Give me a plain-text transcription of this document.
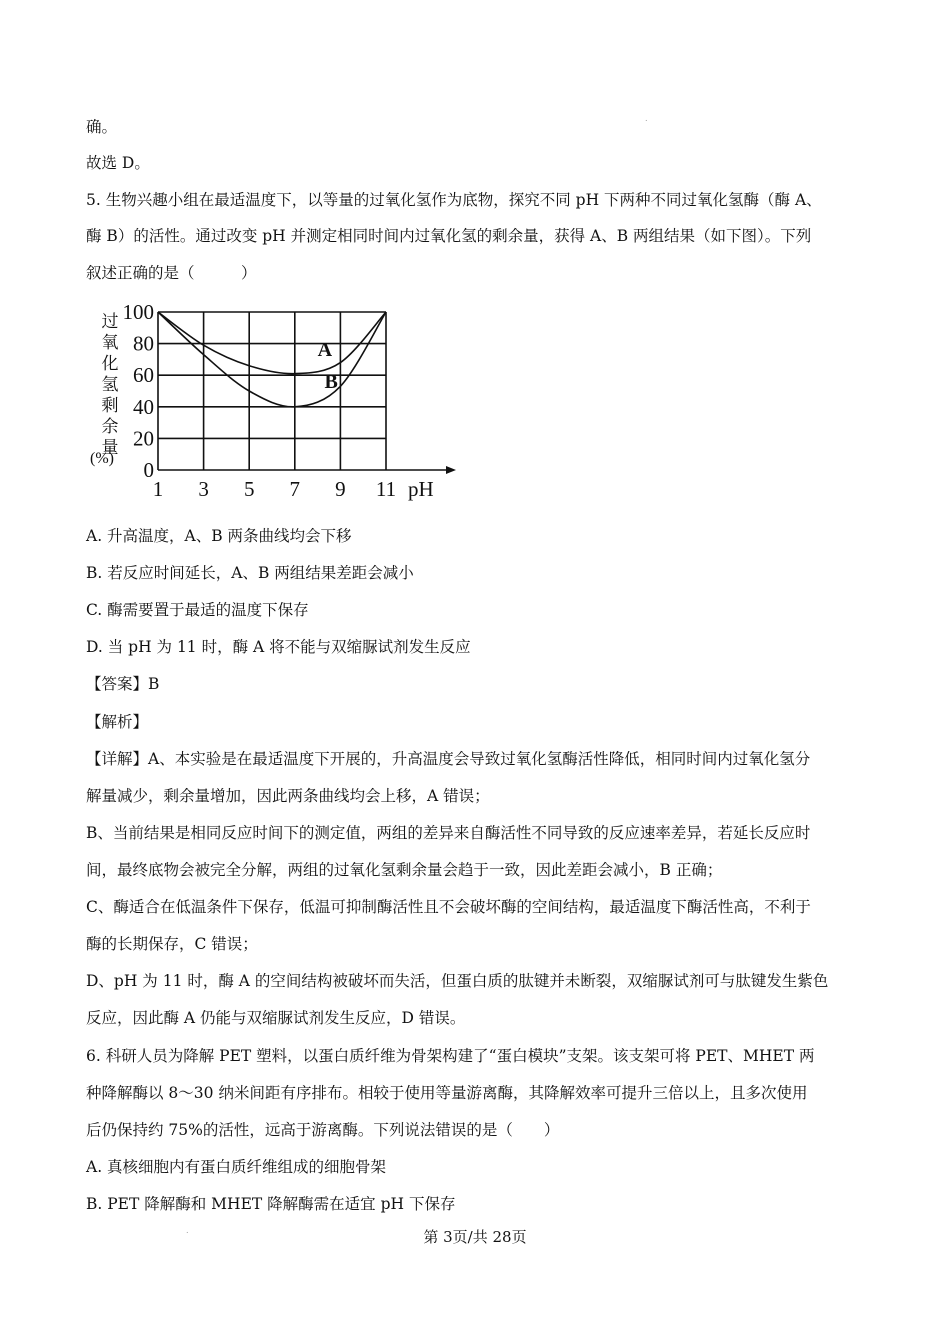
确。
故选 D。
5. 生物兴趣小组在最适温度下，以等量的过氧化氢作为底物，探究不同 pH 下两种不同过氧化氢酶（酶 A、
酶 B）的活性。通过改变 pH 并测定相同时间内过氧化氢的剩余量，获得 A、B 两组结果（如下图）。下列
叙述正确的是（　　　）
A. 升高温度，A、B 两条曲线均会下移
B. 若反应时间延长，A、B 两组结果差距会减小
C. 酶需要置于最适的温度下保存
D. 当 pH 为 11 时，酶 A 将不能与双缩脲试剂发生反应
【答案】B
【解析】
【详解】A、本实验是在最适温度下开展的，升高温度会导致过氧化氢酶活性降低，相同时间内过氧化氢分
解量减少，剩余量增加，因此两条曲线均会上移，A 错误；
B、当前结果是相同反应时间下的测定值，两组的差异来自酶活性不同导致的反应速率差异，若延长反应时
间，最终底物会被完全分解，两组的过氧化氢剩余量会趋于一致，因此差距会减小，B 正确；
C、酶适合在低温条件下保存，低温可抑制酶活性且不会破坏酶的空间结构，最适温度下酶活性高，不利于
酶的长期保存，C 错误；
D、pH 为 11 时，酶 A 的空间结构被破坏而失活，但蛋白质的肽键并未断裂，双缩脲试剂可与肽键发生紫色
反应，因此酶 A 仍能与双缩脲试剂发生反应，D 错误。
6. 科研人员为降解 PET 塑料，以蛋白质纤维为骨架构建了“蛋白模块”支架。该支架可将 PET、MHET 两
种降解酶以 8～30 纳米间距有序排布。相较于使用等量游离酶，其降解效率可提升三倍以上，且多次使用
后仍保持约 75%的活性，远高于游离酶。下列说法错误的是（　　）
A. 真核细胞内有蛋白质纤维组成的细胞骨架
B. PET 降解酶和 MHET 降解酶需在适宜 pH 下保存
过氧化氢剩余量
(%) 0
20
40
60
80
100
1 3 5 7 9 11 pH
A
B
第 3页/共 28页
.
.
